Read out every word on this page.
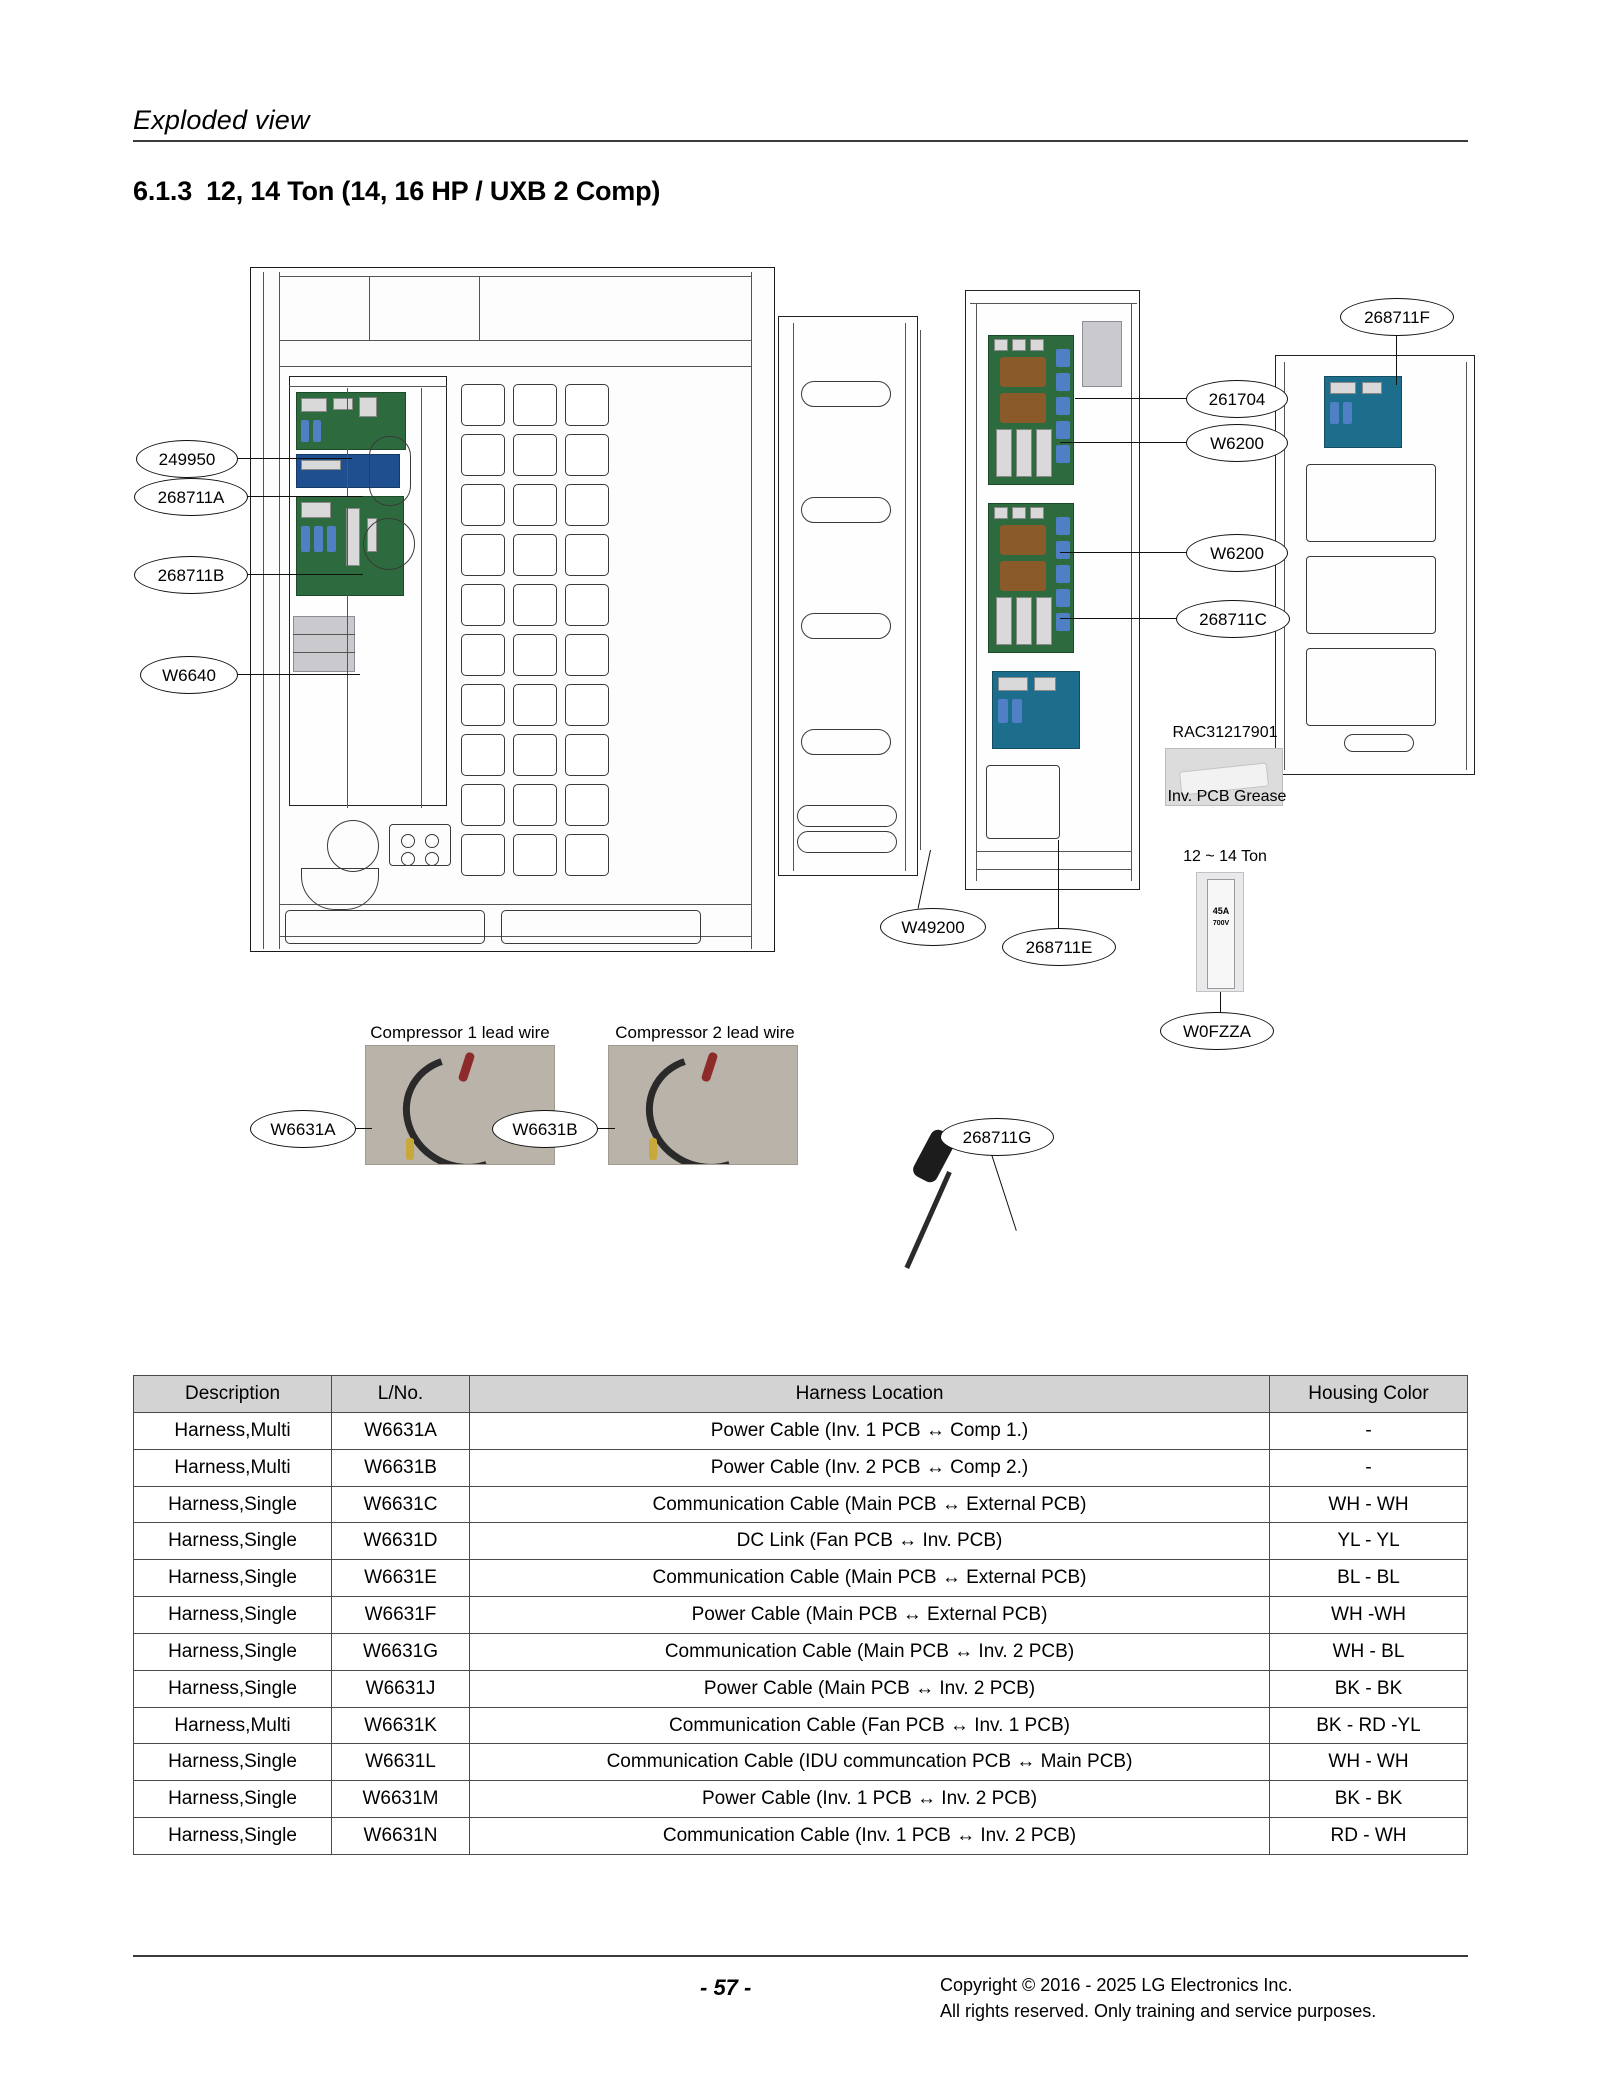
Exploded view
6.1.3 12, 14 Ton (14, 16 HP / UXB 2 Comp)
249950
268711A
268711B
W6640
261704
W6200
W6200
268711C
268711F
W49200
268711E
Compressor 1 lead wire	Compressor 2 lead wire
W6631A	W6631B	268711G
RAC31217901
Inv. PCB Grease
12 ~ 14 Ton

45A
700V
W0FZZA
Description	L/No.	Harness Location	Housing Color
Harness,Multi	W6631A	Power Cable (Inv. 1 PCB ↔ Comp 1.)	-
Harness,Multi	W6631B	Power Cable (Inv. 2 PCB ↔ Comp 2.)	-
Harness,Single	W6631C	Communication Cable (Main PCB ↔ External PCB)	WH - WH
Harness,Single	W6631D	DC Link (Fan PCB ↔ Inv. PCB)	YL - YL
Harness,Single	W6631E	Communication Cable (Main PCB ↔ External PCB)	BL - BL
Harness,Single	W6631F	Power Cable (Main PCB ↔ External PCB)	WH -WH
Harness,Single	W6631G	Communication Cable (Main PCB ↔ Inv. 2 PCB)	WH - BL
Harness,Single	W6631J	Power Cable (Main PCB ↔ Inv. 2 PCB)	BK - BK
Harness,Multi	W6631K	Communication Cable (Fan PCB ↔ Inv. 1 PCB)	BK - RD -YL
Harness,Single	W6631L	Communication Cable (IDU communcation PCB ↔ Main PCB)	WH - WH
Harness,Single	W6631M	Power Cable (Inv. 1 PCB ↔ Inv. 2 PCB)	BK - BK
Harness,Single	W6631N	Communication Cable (Inv. 1 PCB ↔ Inv. 2 PCB)	RD - WH
- 57 -	Copyright © 2016 - 2025 LG Electronics Inc.
All rights reserved. Only training and service purposes.
